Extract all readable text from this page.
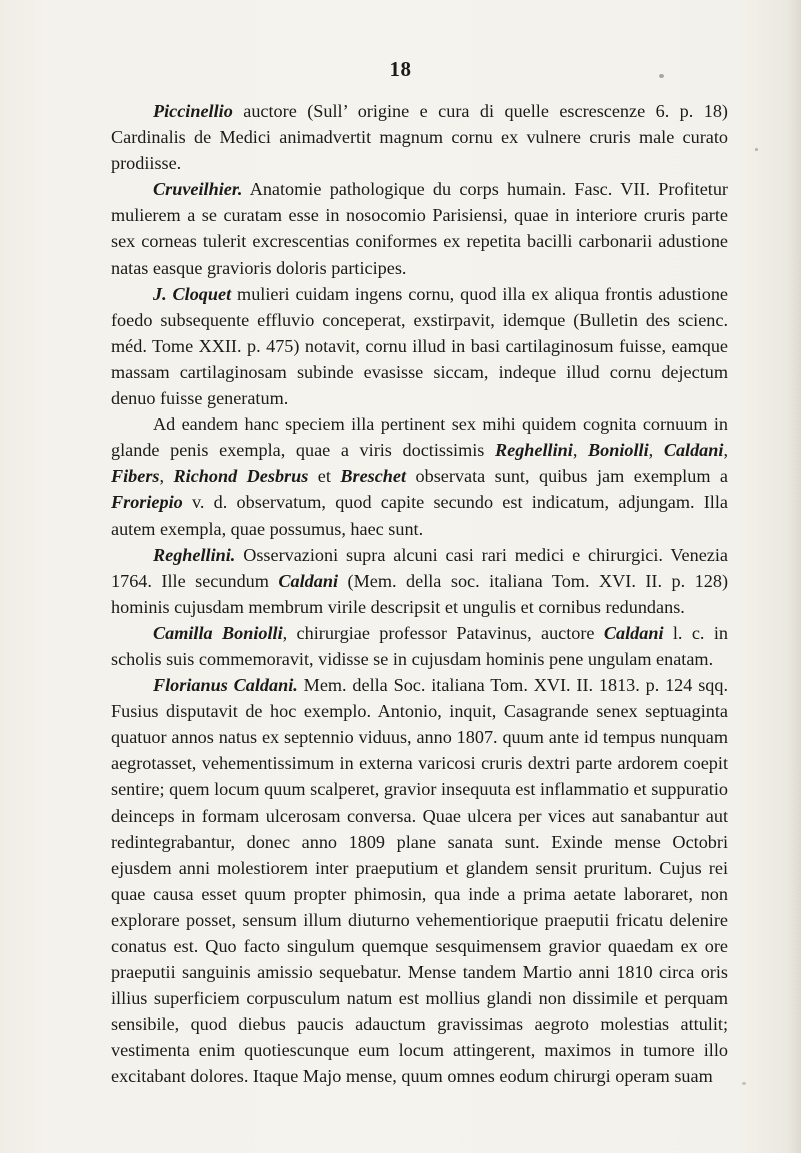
18

Piccinellio auctore (Sull’ origine e cura di quelle escrescenze 6. p. 18) Cardinalis de Medici animadvertit magnum cornu ex vulnere cruris male curato prodiisse.

Cruveilhier. Anatomie pathologique du corps humain. Fasc. VII. Profitetur mulierem a se curatam esse in nosocomio Parisiensi, quae in interiore cruris parte sex corneas tulerit excrescentias coniformes ex repetita bacilli carbonarii adustione natas easque gravioris doloris participes.

J. Cloquet mulieri cuidam ingens cornu, quod illa ex aliqua frontis adustione foedo subsequente effluvio conceperat, exstirpavit, idemque (Bulletin des scienc. méd. Tome XXII. p. 475) notavit, cornu illud in basi cartilaginosum fuisse, eamque massam cartilaginosam subinde evasisse siccam, indeque illud cornu dejectum denuo fuisse generatum.

Ad eandem hanc speciem illa pertinent sex mihi quidem cognita cornuum in glande penis exempla, quae a viris doctissimis Reghellini, Boniolli, Caldani, Fibers, Richond Desbrus et Breschet observata sunt, quibus jam exemplum a Froriepio v. d. observatum, quod capite secundo est indicatum, adjungam. Illa autem exempla, quae possumus, haec sunt.

Reghellini. Osservazioni supra alcuni casi rari medici e chirurgici. Venezia 1764. Ille secundum Caldani (Mem. della soc. italiana Tom. XVI. II. p. 128) hominis cujusdam membrum virile descripsit et ungulis et cornibus redundans.

Camilla Boniolli, chirurgiae professor Patavinus, auctore Caldani l. c. in scholis suis commemoravit, vidisse se in cujusdam hominis pene ungulam enatam.

Florianus Caldani. Mem. della Soc. italiana Tom. XVI. II. 1813. p. 124 sqq. Fusius disputavit de hoc exemplo. Antonio, inquit, Casagrande senex septuaginta quatuor annos natus ex septennio viduus, anno 1807. quum ante id tempus nunquam aegrotasset, vehementissimum in externa varicosi cruris dextri parte ardorem coepit sentire; quem locum quum scalperet, gravior insequuta est inflammatio et suppuratio deinceps in formam ulcerosam conversa. Quae ulcera per vices aut sanabantur aut redintegrabantur, donec anno 1809 plane sanata sunt. Exinde mense Octobri ejusdem anni molestiorem inter praeputium et glandem sensit pruritum. Cujus rei quae causa esset quum propter phimosin, qua inde a prima aetate laboraret, non explorare posset, sensum illum diuturno vehementiorique praeputii fricatu delenire conatus est. Quo facto singulum quemque sesquimensem gravior quaedam ex ore praeputii sanguinis amissio sequebatur. Mense tandem Martio anni 1810 circa oris illius superficiem corpusculum natum est mollius glandi non dissimile et perquam sensibile, quod diebus paucis adauctum gravissimas aegroto molestias attulit; vestimenta enim quotiescunque eum locum attingerent, maximos in tumore illo excitabant dolores. Itaque Majo mense, quum omnes eodum chirurgi operam suam
